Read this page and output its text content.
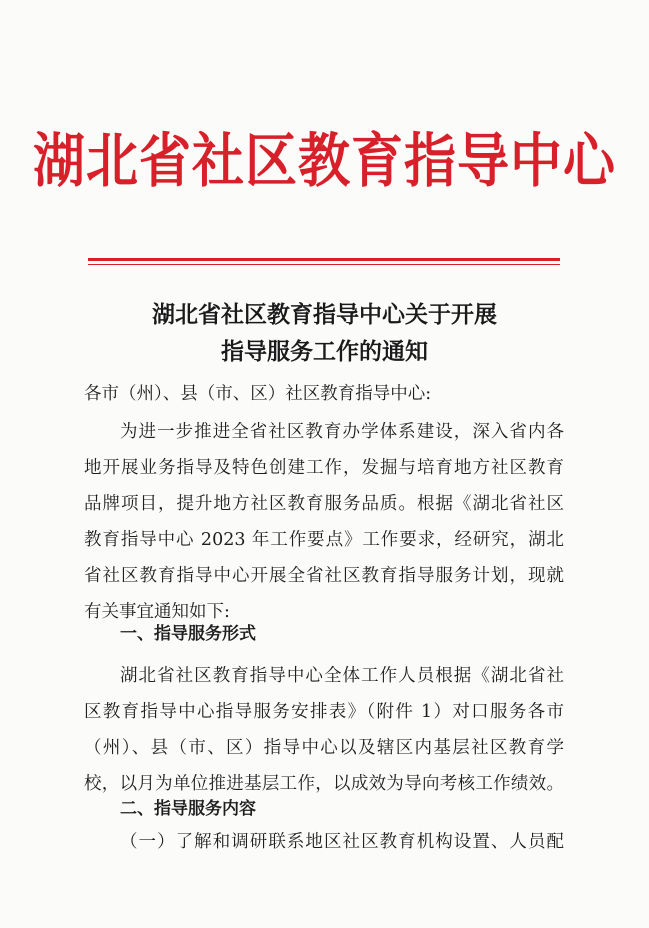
湖北省社区教育指导中心
湖北省社区教育指导中心关于开展
指导服务工作的通知
各市（州）、县（市、区）社区教育指导中心:
为进一步推进全省社区教育办学体系建设，深入省内各
地开展业务指导及特色创建工作，发掘与培育地方社区教育
品牌项目，提升地方社区教育服务品质。根据《湖北省社区
教育指导中心 2023 年工作要点》工作要求，经研究，湖北
省社区教育指导中心开展全省社区教育指导服务计划，现就
有关事宜通知如下:
一、指导服务形式
湖北省社区教育指导中心全体工作人员根据《湖北省社
区教育指导中心指导服务安排表》（附件 1）对口服务各市
（州）、县（市、区）指导中心以及辖区内基层社区教育学
校，以月为单位推进基层工作，以成效为导向考核工作绩效。
二、指导服务内容
（一）了解和调研联系地区社区教育机构设置、人员配
